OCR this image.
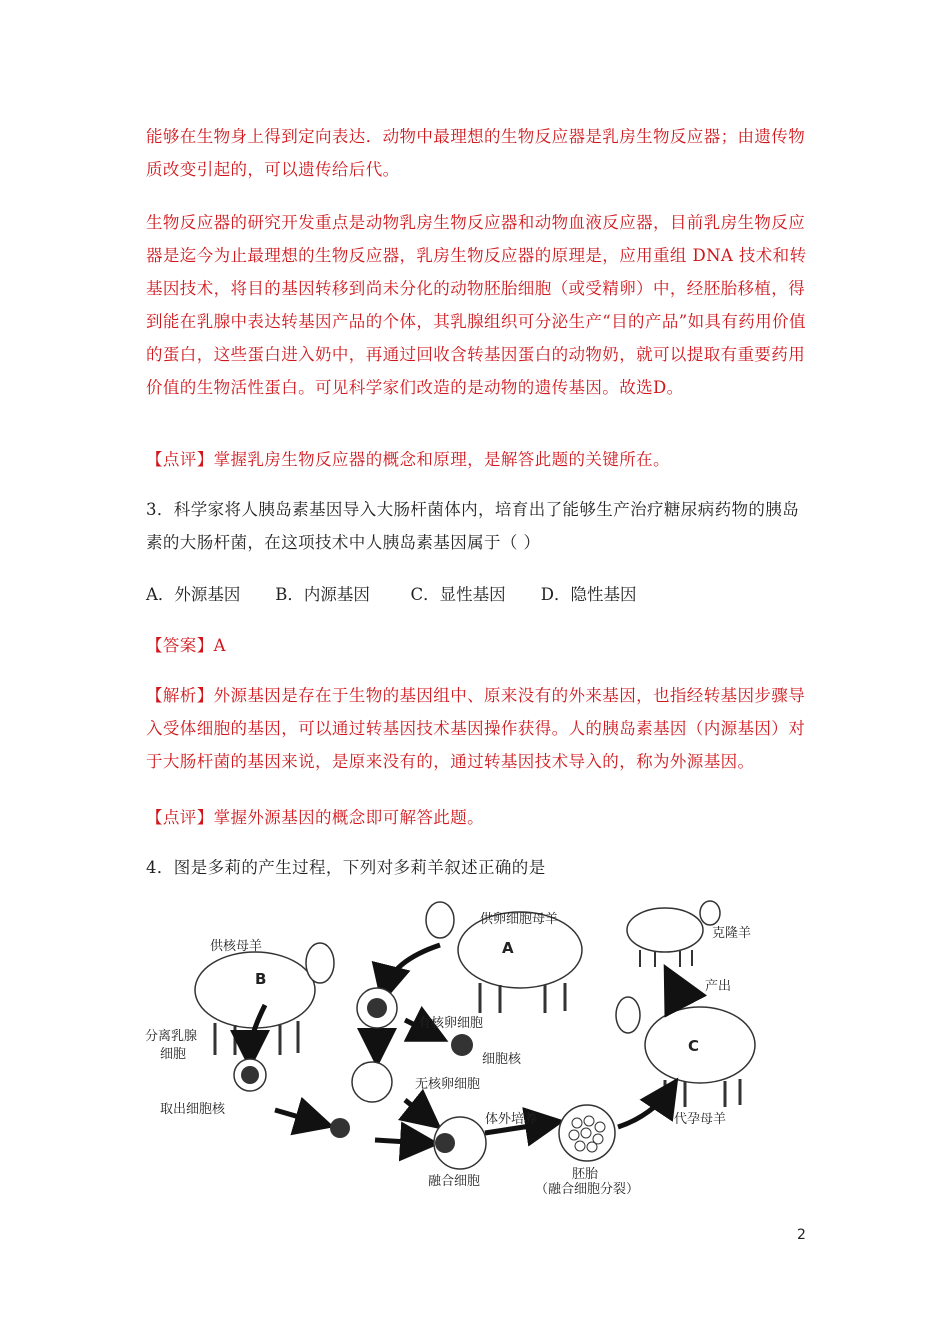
能够在生物身上得到定向表达．动物中最理想的生物反应器是乳房生物反应器；由遗传物质改变引起的，可以遗传给后代。

生物反应器的研究开发重点是动物乳房生物反应器和动物血液反应器，目前乳房生物反应器是迄今为止最理想的生物反应器，乳房生物反应器的原理是，应用重组 DNA 技术和转基因技术，将目的基因转移到尚未分化的动物胚胎细胞（或受精卵）中，经胚胎移植，得到能在乳腺中表达转基因产品的个体，其乳腺组织可分泌生产“目的产品”如具有药用价值的蛋白，这些蛋白进入奶中，再通过回收含转基因蛋白的动物奶，就可以提取有重要药用价值的生物活性蛋白。可见科学家们改造的是动物的遗传基因。故选D。

【点评】掌握乳房生物反应器的概念和原理，是解答此题的关键所在。

3．科学家将人胰岛素基因导入大肠杆菌体内，培育出了能够生产治疗糖尿病药物的胰岛素的大肠杆菌，在这项技术中人胰岛素基因属于（ ）

A．外源基因 B．内源基因 C．显性基因 D．隐性基因

【答案】A

【解析】外源基因是存在于生物的基因组中、原来没有的外来基因，也指经转基因步骤导入受体细胞的基因，可以通过转基因技术基因操作获得。人的胰岛素基因（内源基因）对于大肠杆菌的基因来说，是原来没有的，通过转基因技术导入的，称为外源基因。

【点评】掌握外源基因的概念即可解答此题。

4．图是多莉的产生过程，下列对多莉羊叙述正确的是

供核母羊
B
供卵细胞母羊
A
克隆羊
C
代孕母羊
分离乳腺
细胞
取出细胞核
有核卵细胞
细胞核
无核卵细胞
融合细胞
体外培养
胚胎
（融合细胞分裂）
产出
2
